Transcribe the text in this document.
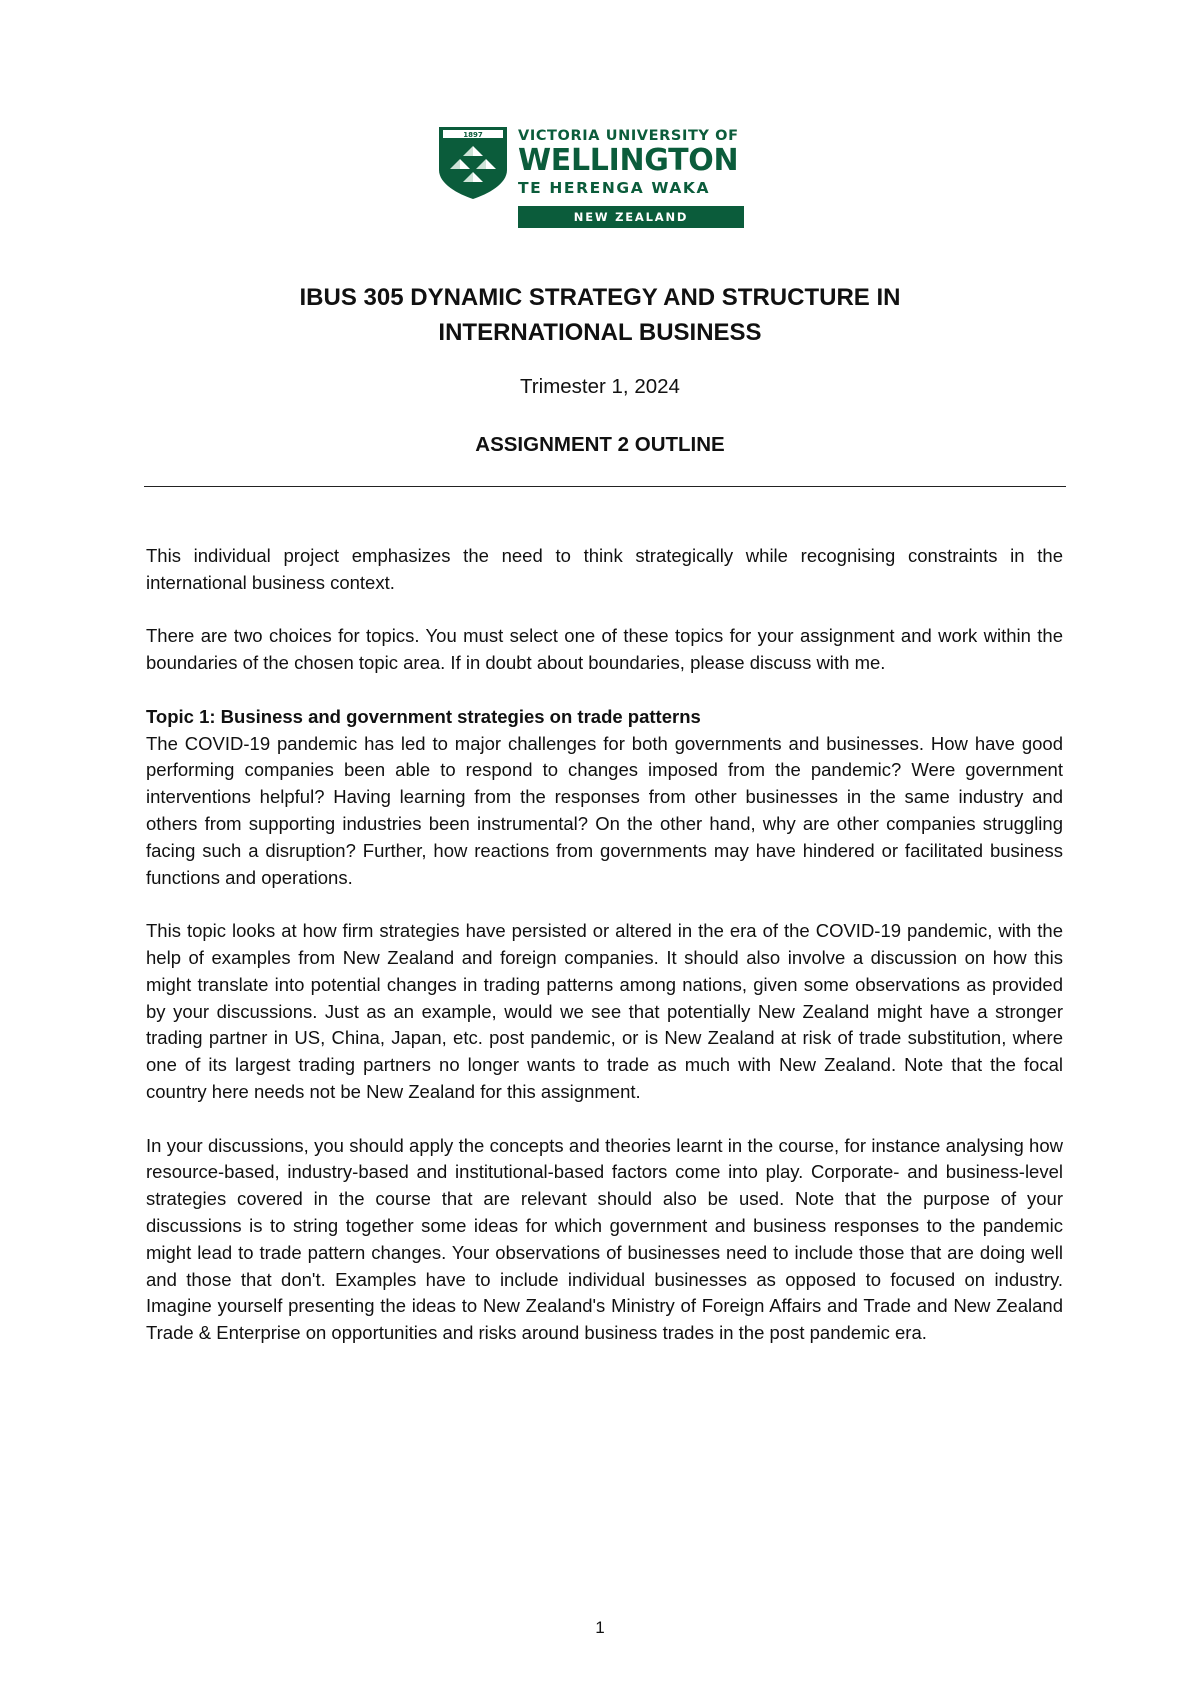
1897 VICTORIA UNIVERSITY OF
WELLINGTON
TE HERENGA WAKA
NEW ZEALAND
IBUS 305 DYNAMIC STRATEGY AND STRUCTURE IN
INTERNATIONAL BUSINESS

Trimester 1, 2024

ASSIGNMENT 2 OUTLINE

This individual project emphasizes the need to think strategically while recognising constraints in the international business context.

There are two choices for topics. You must select one of these topics for your assignment and work within the boundaries of the chosen topic area. If in doubt about boundaries, please discuss with me.

Topic 1: Business and government strategies on trade patterns

The COVID-19 pandemic has led to major challenges for both governments and businesses. How have good performing companies been able to respond to changes imposed from the pandemic? Were government interventions helpful? Having learning from the responses from other businesses in the same industry and others from supporting industries been instrumental? On the other hand, why are other companies struggling facing such a disruption? Further, how reactions from governments may have hindered or facilitated business functions and operations.

This topic looks at how firm strategies have persisted or altered in the era of the COVID-19 pandemic, with the help of examples from New Zealand and foreign companies. It should also involve a discussion on how this might translate into potential changes in trading patterns among nations, given some observations as provided by your discussions. Just as an example, would we see that potentially New Zealand might have a stronger trading partner in US, China, Japan, etc. post pandemic, or is New Zealand at risk of trade substitution, where one of its largest trading partners no longer wants to trade as much with New Zealand. Note that the focal country here needs not be New Zealand for this assignment.

In your discussions, you should apply the concepts and theories learnt in the course, for instance analysing how resource-based, industry-based and institutional-based factors come into play. Corporate- and business-level strategies covered in the course that are relevant should also be used. Note that the purpose of your discussions is to string together some ideas for which government and business responses to the pandemic might lead to trade pattern changes. Your observations of businesses need to include those that are doing well and those that don't. Examples have to include individual businesses as opposed to focused on industry. Imagine yourself presenting the ideas to New Zealand's Ministry of Foreign Affairs and Trade and New Zealand Trade & Enterprise on opportunities and risks around business trades in the post pandemic era.

1
